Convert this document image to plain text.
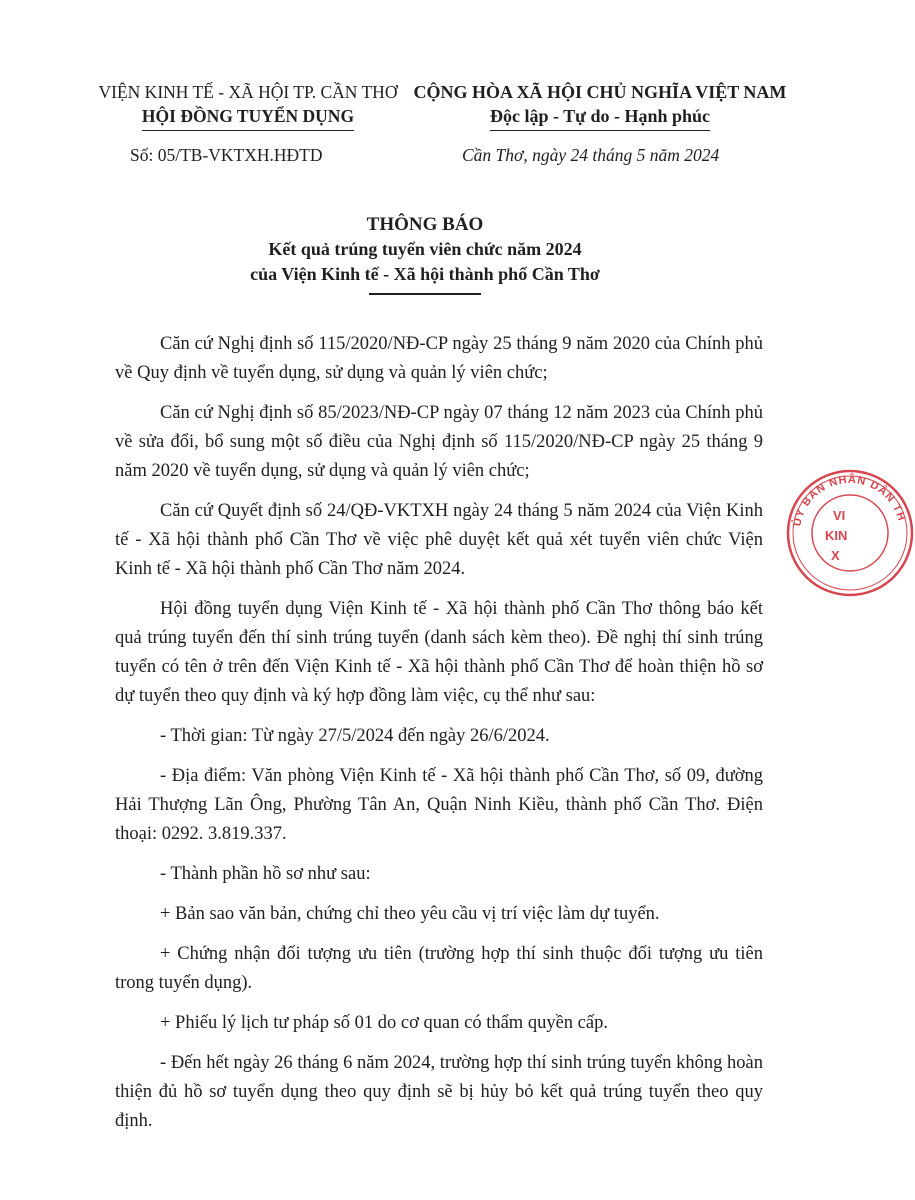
VIỆN KINH TẾ - XÃ HỘI TP. CẦN THƠ
HỘI ĐỒNG TUYỂN DỤNG
CỘNG HÒA XÃ HỘI CHỦ NGHĨA VIỆT NAM
Độc lập - Tự do - Hạnh phúc
Số: 05/TB-VKTXH.HĐTD	Cần Thơ, ngày 24 tháng 5 năm 2024
THÔNG BÁO
Kết quả trúng tuyển viên chức năm 2024
của Viện Kinh tế - Xã hội thành phố Cần Thơ

Căn cứ Nghị định số 115/2020/NĐ-CP ngày 25 tháng 9 năm 2020 của Chính phủ về Quy định về tuyển dụng, sử dụng và quản lý viên chức;

Căn cứ Nghị định số 85/2023/NĐ-CP ngày 07 tháng 12 năm 2023 của Chính phủ về sửa đổi, bổ sung một số điều của Nghị định số 115/2020/NĐ-CP ngày 25 tháng 9 năm 2020 về tuyển dụng, sử dụng và quản lý viên chức;

Căn cứ Quyết định số 24/QĐ-VKTXH ngày 24 tháng 5 năm 2024 của Viện Kinh tế - Xã hội thành phố Cần Thơ về việc phê duyệt kết quả xét tuyển viên chức Viện Kinh tế - Xã hội thành phố Cần Thơ năm 2024.

Hội đồng tuyển dụng Viện Kinh tế - Xã hội thành phố Cần Thơ thông báo kết quả trúng tuyển đến thí sinh trúng tuyển (danh sách kèm theo). Đề nghị thí sinh trúng tuyển có tên ở trên đến Viện Kinh tế - Xã hội thành phố Cần Thơ để hoàn thiện hồ sơ dự tuyển theo quy định và ký hợp đồng làm việc, cụ thể như sau:

- Thời gian: Từ ngày 27/5/2024 đến ngày 26/6/2024.

- Địa điểm: Văn phòng Viện Kinh tế - Xã hội thành phố Cần Thơ, số 09, đường Hải Thượng Lãn Ông, Phường Tân An, Quận Ninh Kiều, thành phố Cần Thơ. Điện thoại: 0292. 3.819.337.

- Thành phần hồ sơ như sau:

+ Bản sao văn bản, chứng chỉ theo yêu cầu vị trí việc làm dự tuyển.

+ Chứng nhận đối tượng ưu tiên (trường hợp thí sinh thuộc đối tượng ưu tiên trong tuyển dụng).

+ Phiếu lý lịch tư pháp số 01 do cơ quan có thẩm quyền cấp.

- Đến hết ngày 26 tháng 6 năm 2024, trường hợp thí sinh trúng tuyển không hoàn thiện đủ hồ sơ tuyển dụng theo quy định sẽ bị hủy bỏ kết quả trúng tuyển theo quy định.

ỦY BAN NHÂN DÂN TH
VI
KIN
X
